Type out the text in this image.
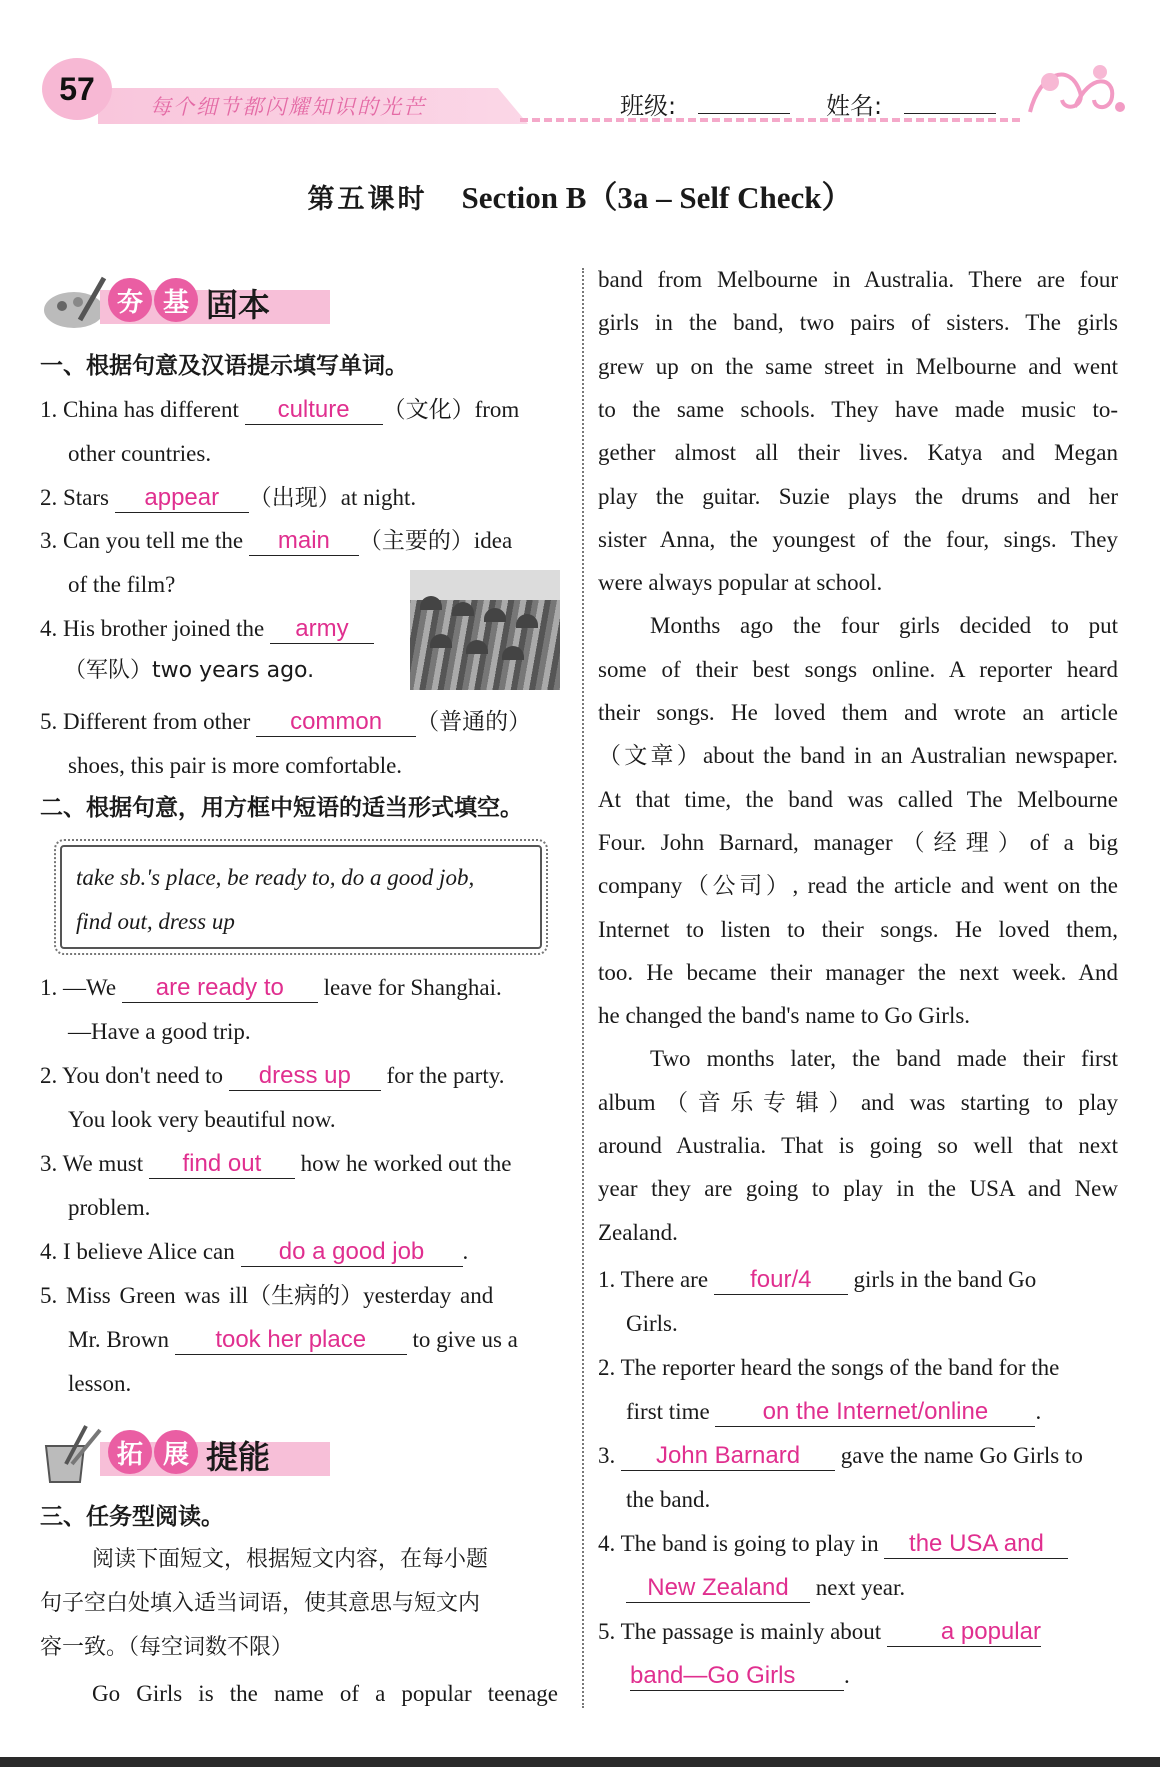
57
每个细节都闪耀知识的光芒	班级:	姓名:
第五课时 Section B（3a – Self Check）
夯 基 固本
一、根据句意及汉语提示填写单词。
1. China has different culture （文化）from
other countries.
2. Stars appear （出现）at night.
3. Can you tell me the main （主要的）idea
of the film?
4. His brother joined the army
（军队）two years ago.
5. Different from other common （普通的）
shoes, this pair is more comfortable.
二、根据句意，用方框中短语的适当形式填空。
take sb.'s place, be ready to, do a good job,
find out, dress up
1. —We are ready to leave for Shanghai.
—Have a good trip.
2. You don't need to dress up for the party.
You look very beautiful now.
3. We must find out how he worked out the
problem.
4. I believe Alice can do a good job .
5. Miss Green was ill（生病的）yesterday and
Mr. Brown took her place to give us a
lesson.
拓 展 提能
三、任务型阅读。
阅读下面短文，根据短文内容，在每小题
句子空白处填入适当词语，使其意思与短文内
容一致。（每空词数不限）
Go Girls is the name of a popular teenage
band from Melbourne in Australia. There are four
girls in the band, two pairs of sisters. The girls
grew up on the same street in Melbourne and went
to the same schools. They have made music to-
gether almost all their lives. Katya and Megan
play the guitar. Suzie plays the drums and her
sister Anna, the youngest of the four, sings. They
were always popular at school.
Months ago the four girls decided to put
some of their best songs online. A reporter heard
their songs. He loved them and wrote an article
（文章）about the band in an Australian newspaper.
At that time, the band was called The Melbourne
Four. John Barnard, manager（经理）of a big
company（公司）, read the article and went on the
Internet to listen to their songs. He loved them,
too. He became their manager the next week. And
he changed the band's name to Go Girls.
Two months later, the band made their first
album（音乐专辑）and was starting to play
around Australia. That is going so well that next
year they are going to play in the USA and New
Zealand.
1. There are four/4 girls in the band Go
Girls.
2. The reporter heard the songs of the band for the
first time on the Internet/online .
3. John Barnard gave the name Go Girls to
the band.
4. The band is going to play in the USA and
New Zealand next year.
5. The passage is mainly about a popular
band—Go Girls .
